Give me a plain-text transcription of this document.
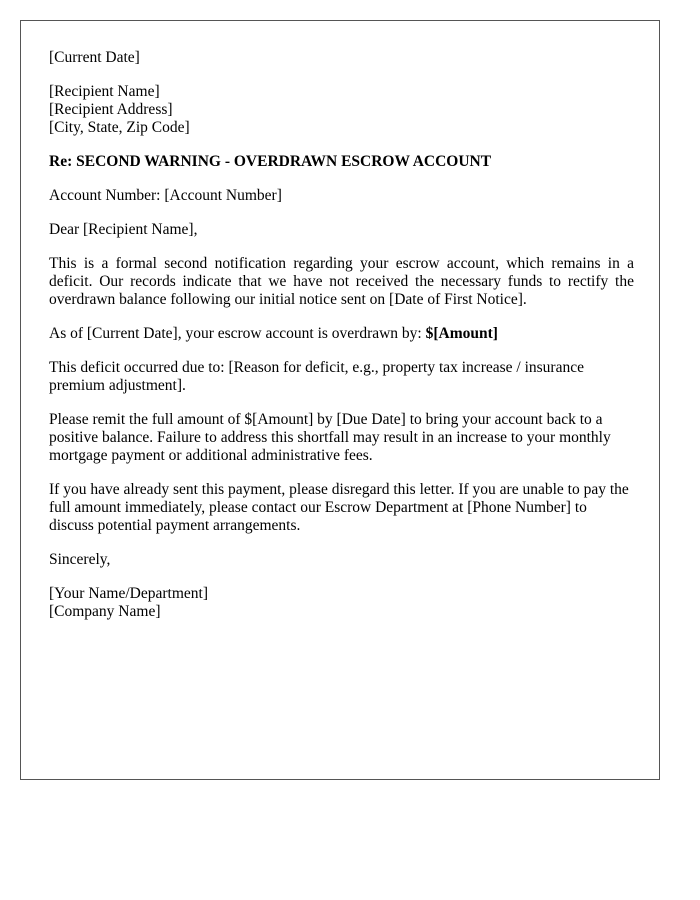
[Current Date]
[Recipient Name]
[Recipient Address]
[City, State, Zip Code]
Re: SECOND WARNING - OVERDRAWN ESCROW ACCOUNT
Account Number: [Account Number]
Dear [Recipient Name],
This is a formal second notification regarding your escrow account, which remains in a deficit. Our records indicate that we have not received the necessary funds to rectify the overdrawn balance following our initial notice sent on [Date of First Notice].
As of [Current Date], your escrow account is overdrawn by: $[Amount]
This deficit occurred due to: [Reason for deficit, e.g., property tax increase / insurance premium adjustment].
Please remit the full amount of $[Amount] by [Due Date] to bring your account back to a positive balance. Failure to address this shortfall may result in an increase to your monthly mortgage payment or additional administrative fees.
If you have already sent this payment, please disregard this letter. If you are unable to pay the full amount immediately, please contact our Escrow Department at [Phone Number] to discuss potential payment arrangements.
Sincerely,
[Your Name/Department]
[Company Name]
